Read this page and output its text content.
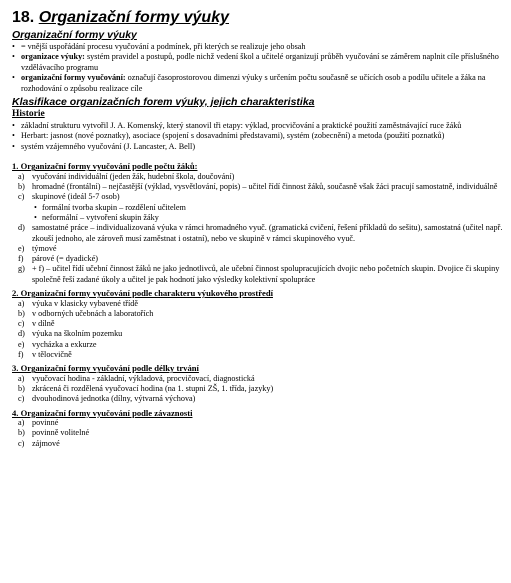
18. Organizační formy výuky
Organizační formy výuky
• = vnější uspořádání procesu vyučování a podmínek, při kterých se realizuje jeho obsah
• organizace výuky: systém pravidel a postupů, podle nichž vedení škol a učitelé organizují průběh vyučování se záměrem naplnit cíle příslušného vzdělávacího programu
• organizační formy vyučování: označují časoprostorovou dimenzi výuky s určením počtu současně se učících osob a podílu učitele a žáka na rozhodování o způsobu realizace cíle
Klasifikace organizačních forem výuky, jejich charakteristika
Historie
• základní strukturu vytvořil J. A. Komenský, který stanovil tři etapy: výklad, procvičování a praktické použití zaměstnávající ruce žáků
• Herbart: jasnost (nové poznatky), asociace (spojení s dosavadními představami), systém (zobecnění) a metoda (použití poznatků)
• systém vzájemného vyučování (J. Lancaster, A. Bell)
1. Organizační formy vyučování podle počtu žáků:
a) vyučování individuální (jeden žák, hudební škola, doučování)
b) hromadné (frontální) – nejčastější (výklad, vysvětlování, popis) – učitel řídí činnost žáků, současně však žáci pracují samostatně, individuálně
c) skupinové (ideál 5-7 osob)
• formální tvorba skupin – rozdělení učitelem
• neformální – vytvoření skupin žáky
d) samostatné práce – individualizovaná výuka v rámci hromadného vyuč. (gramatická cvičení, řešení příkladů do sešitu), samostatná (učitel např. zkouší jednoho, ale zároveň musí zaměstnat i ostatní), nebo ve skupině v rámci skupinového vyuč.
e) týmové
f) párové (= dyadické)
g) + f) – učitel řídí učební činnost žáků ne jako jednotlivců, ale učební činnost spolupracujících dvojic nebo početních skupin. Dvojice či skupiny společně řeší zadané úkoly a učitel je pak hodnotí jako výsledky kolektivní spolupráce
2. Organizační formy vyučování podle charakteru výukového prostředí
a) výuka v klasicky vybavené třídě
b) v odborných učebnách a laboratořích
c) v dílně
d) výuka na školním pozemku
e) vycházka a exkurze
f) v tělocvičně
3. Organizační formy vyučování podle délky trvání
a) vyučovací hodina - základní, výkladová, procvičovací, diagnostická
b) zkrácená či rozdělená vyučovací hodina (na 1. stupni ZŠ, 1. třída, jazyky)
c) dvouhodinová jednotka (dílny, výtvarná výchova)
4. Organizační formy vyučování podle závaznosti
a) povinné
b) povinně volitelné
c) zájmové
